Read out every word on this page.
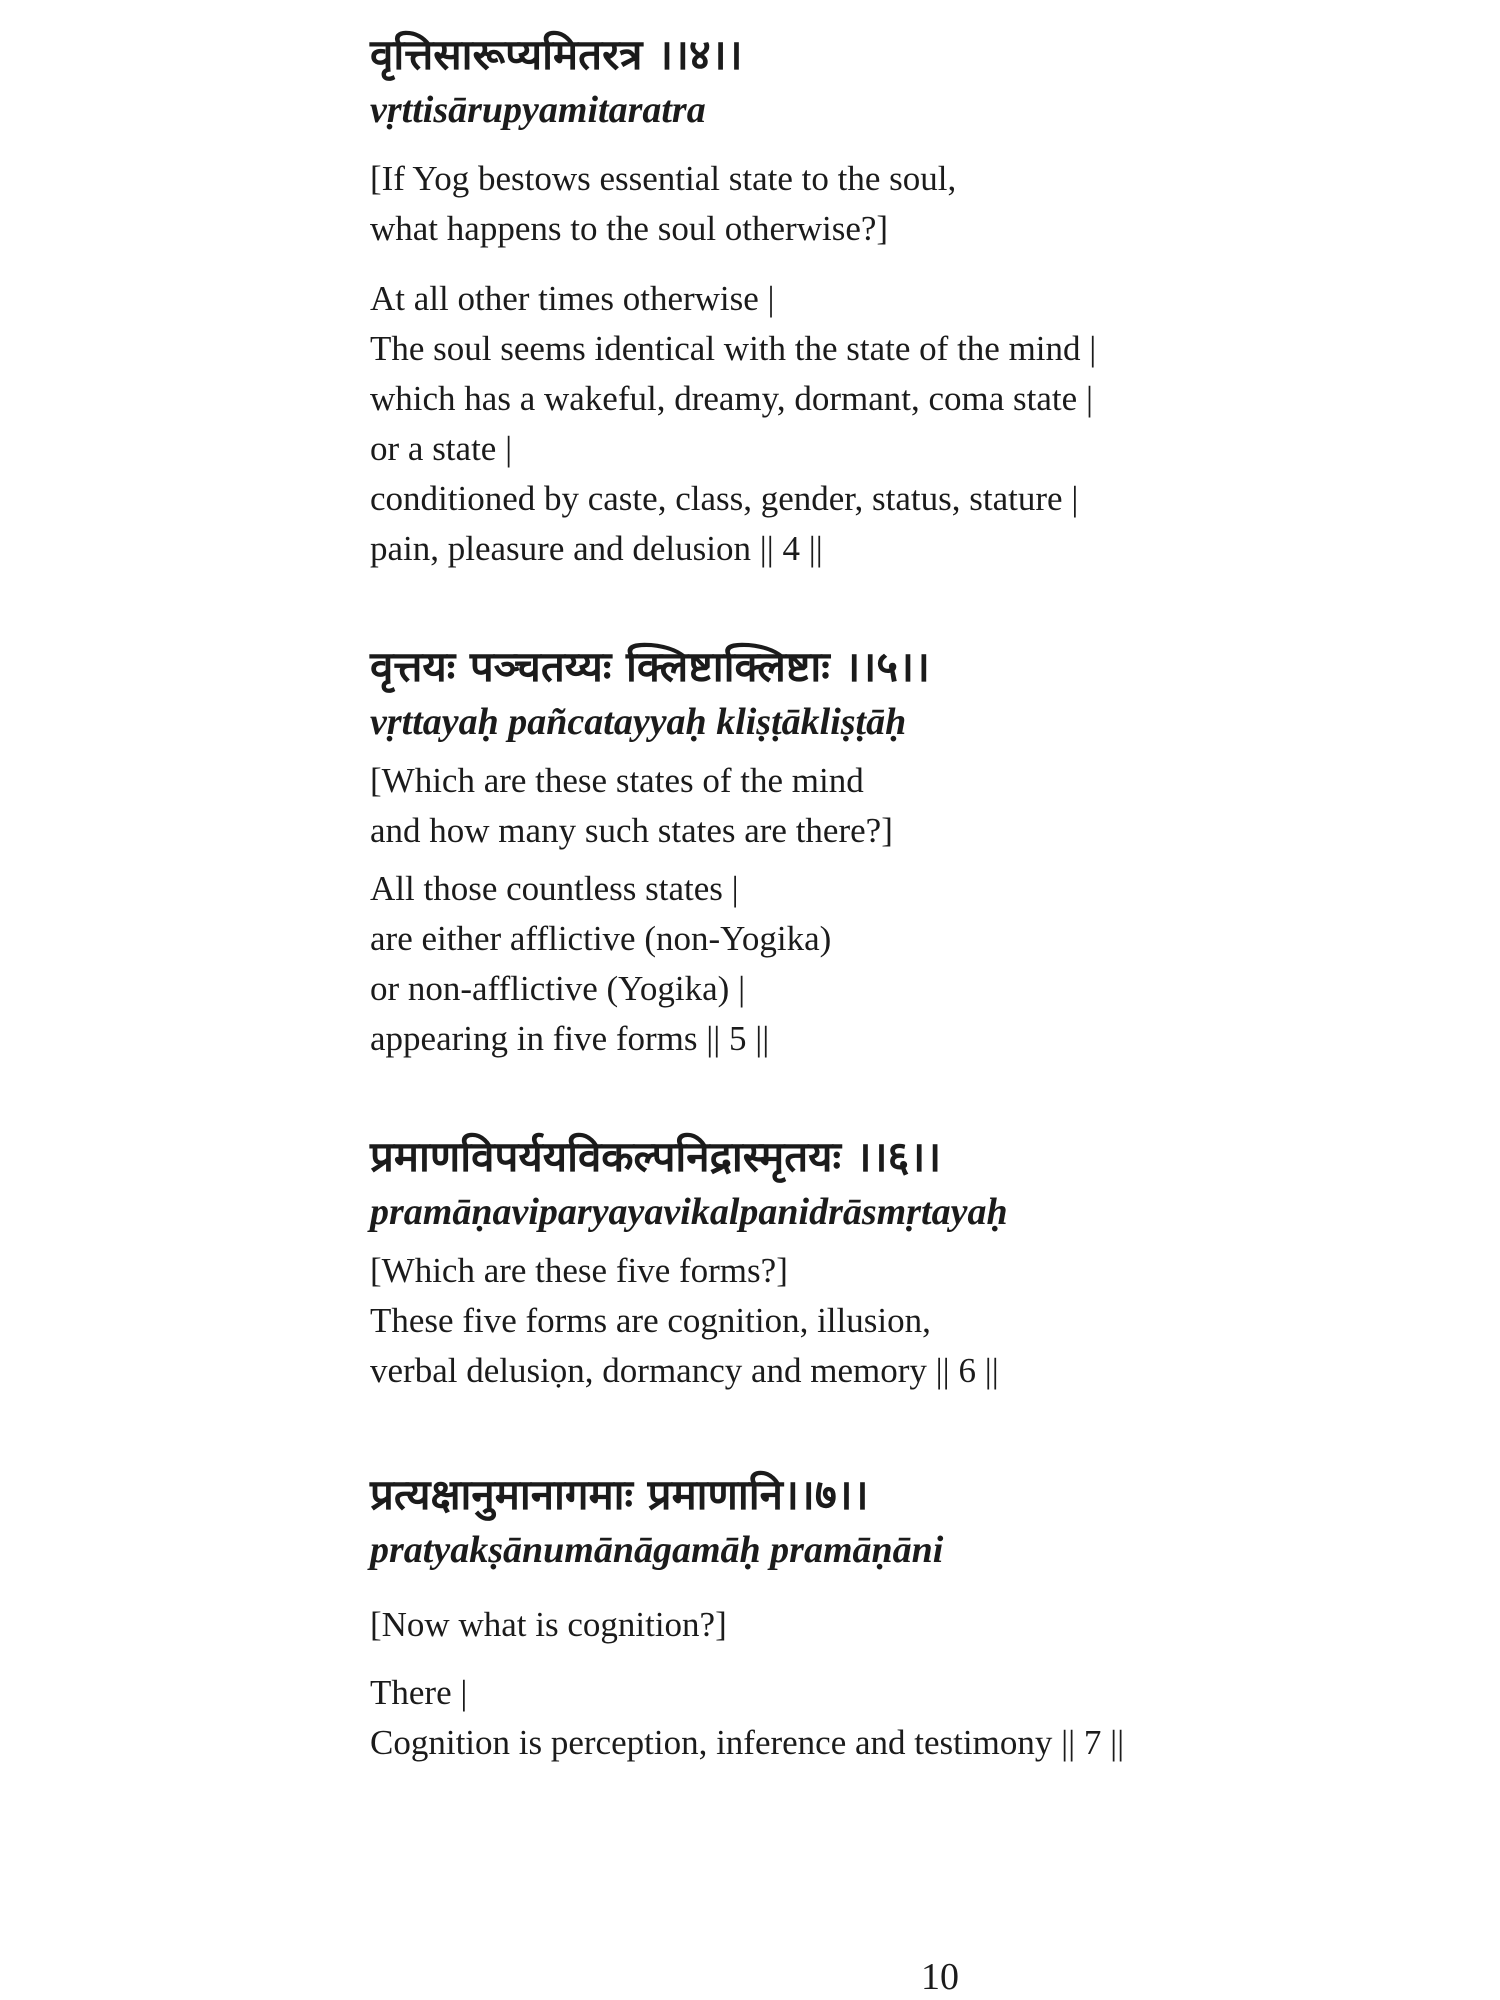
वृत्तिसारूप्यमितरत्र ।।४।।

vṛttisārupyamitaratra

[If Yog bestows essential state to the soul,
what happens to the soul otherwise?]

At all other times otherwise |
The soul seems identical with the state of the mind |
which has a wakeful, dreamy, dormant, coma state |
or a state |
conditioned by caste, class, gender, status, stature |
pain, pleasure and delusion || 4 ||

वृत्तयः पञ्चतय्यः क्लिष्टाक्लिष्टाः ।।५।।

vṛttayaḥ pañcatayyaḥ kliṣṭākliṣṭāḥ

[Which are these states of the mind
and how many such states are there?]

All those countless states |
are either afflictive (non-Yogika)
or non-afflictive (Yogika) |
appearing in five forms || 5 ||

प्रमाणविपर्ययविकल्पनिद्रास्मृतयः ।।६।।

pramāṇaviparyayavikalpanidrāsmṛtayaḥ

[Which are these five forms?]

These five forms are cognition, illusion,
verbal delusiọn, dormancy and memory || 6 ||

प्रत्यक्षानुमानागमाः प्रमाणानि।।७।।

pratyakṣānumānāgamāḥ pramāṇāni

[Now what is cognition?]

There |
Cognition is perception, inference and testimony || 7 ||

10
